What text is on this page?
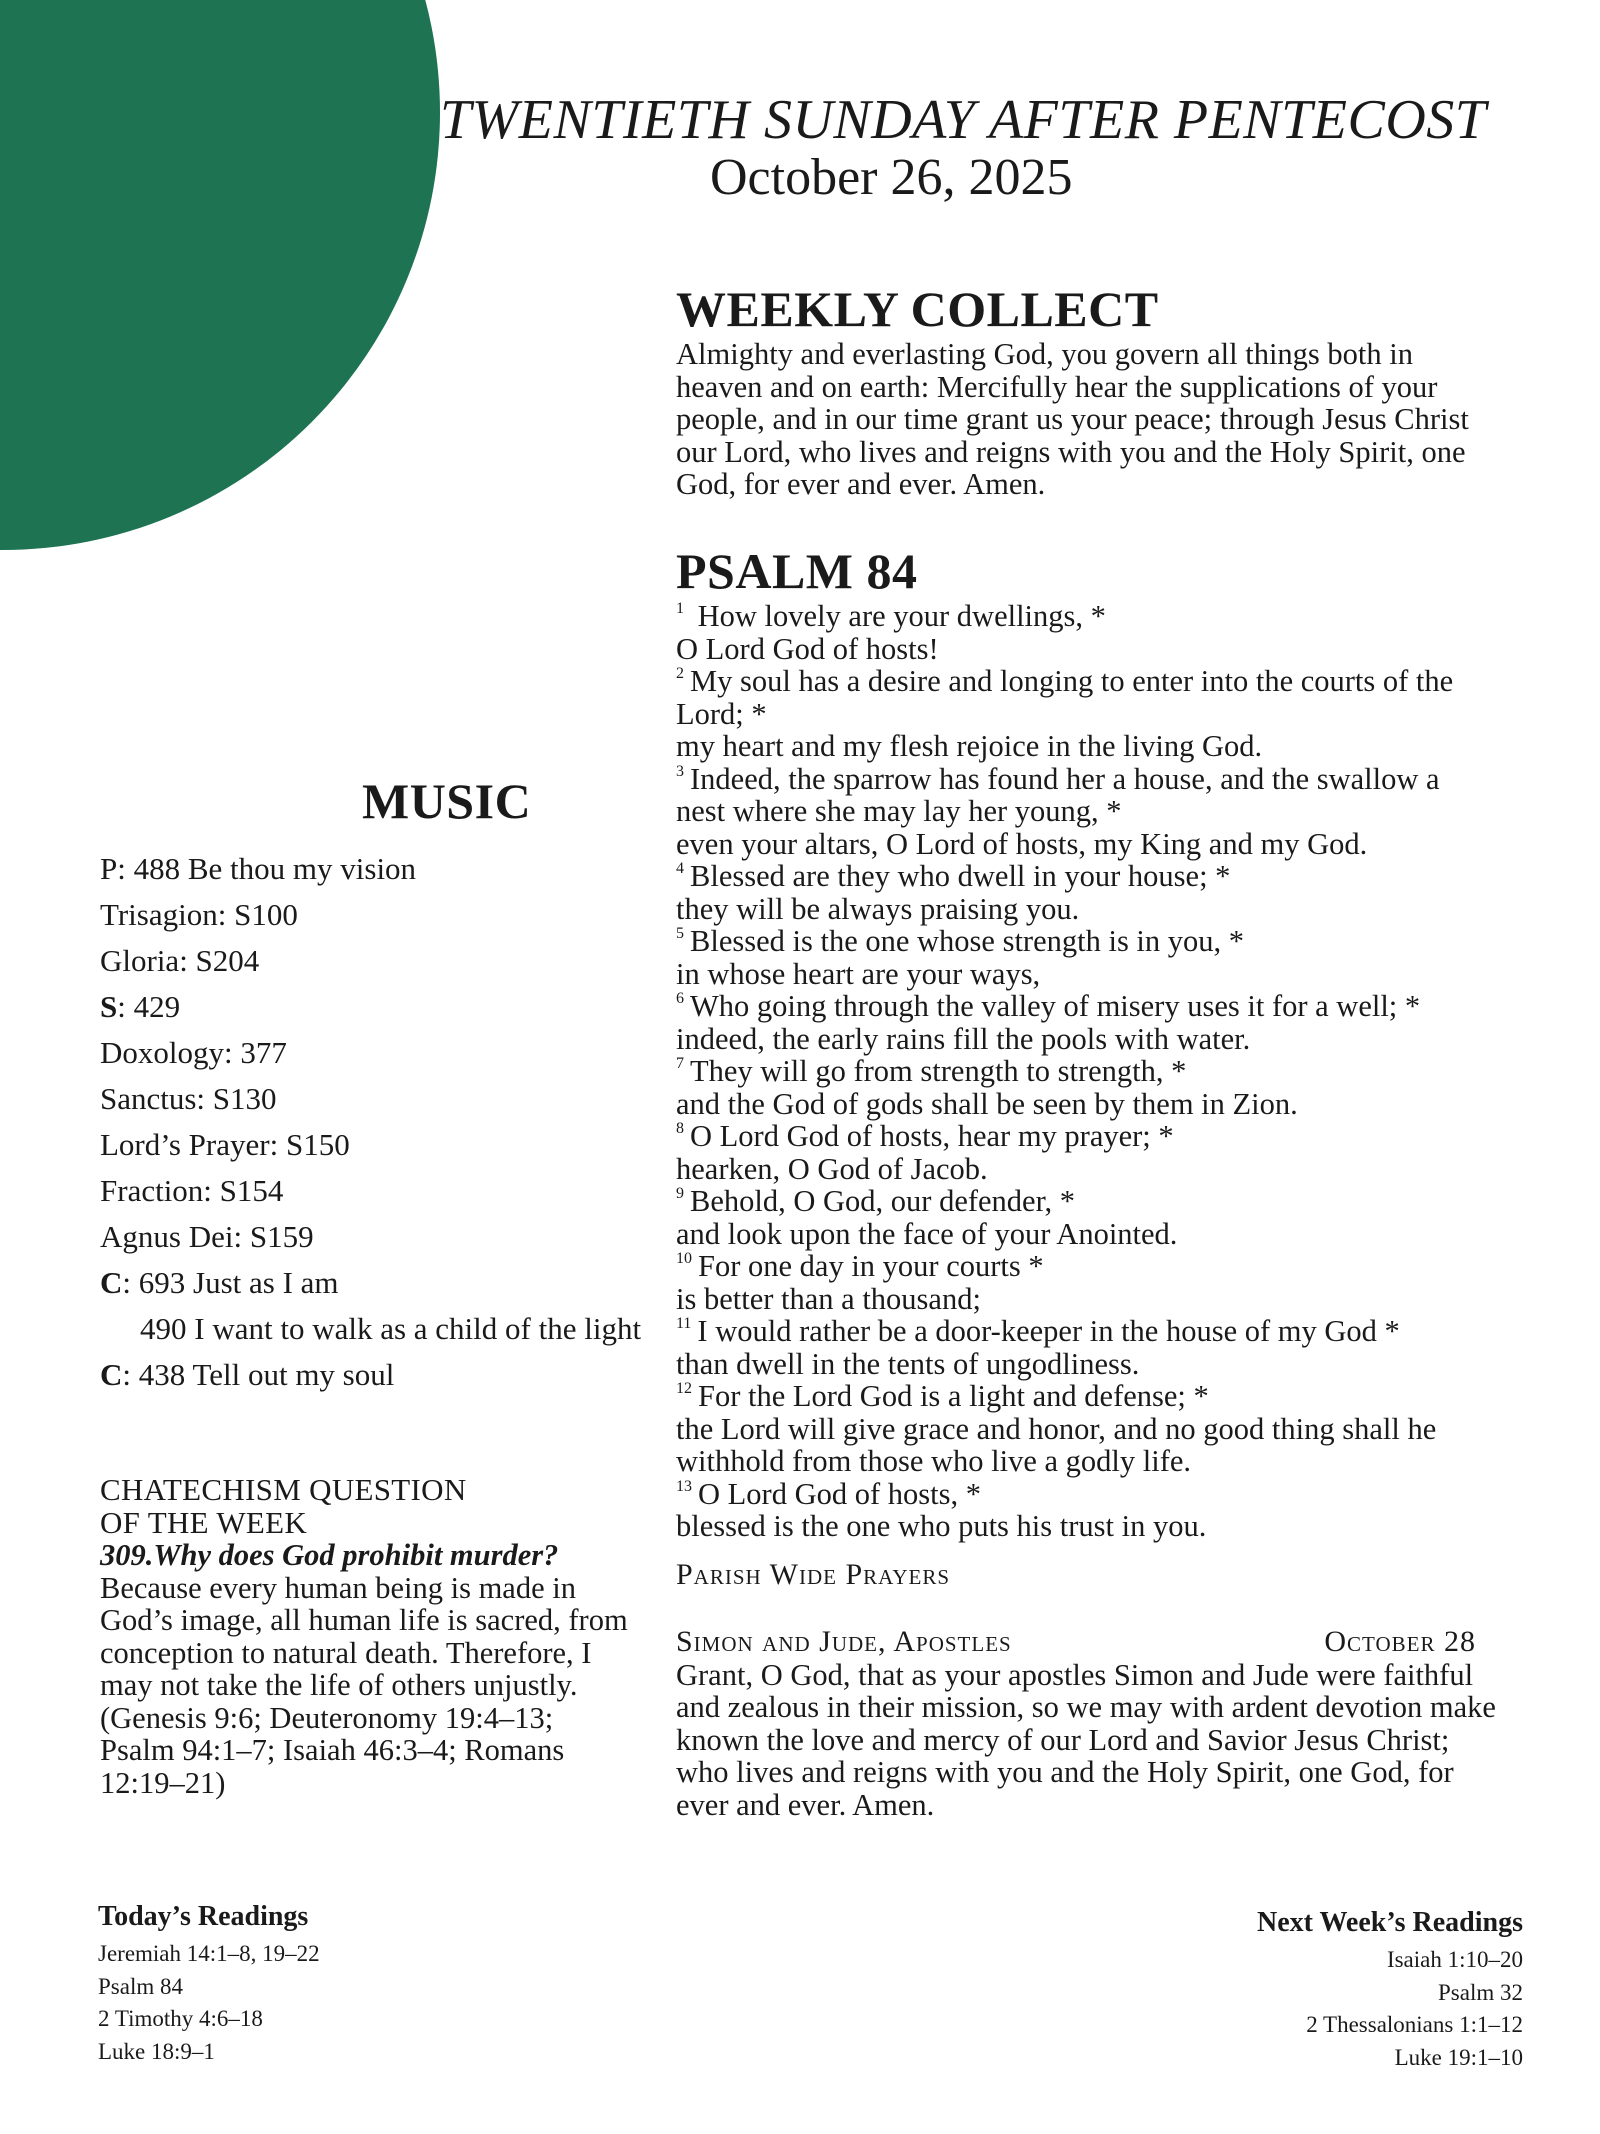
TWENTIETH SUNDAY AFTER PENTECOST
October 26, 2025
WEEKLY COLLECT
Almighty and everlasting God, you govern all things both in
heaven and on earth: Mercifully hear the supplications of your
people, and in our time grant us your peace; through Jesus Christ
our Lord, who lives and reigns with you and the Holy Spirit, one
God, for ever and ever. Amen.
PSALM 84
$^1$ How lovely are your dwellings, *
O Lord God of hosts!
$^2$ My soul has a desire and longing to enter into the courts of the
Lord; *
my heart and my flesh rejoice in the living God.
$^3$ Indeed, the sparrow has found her a house, and the swallow a
nest where she may lay her young, *
even your altars, O Lord of hosts, my King and my God.
$^4$ Blessed are they who dwell in your house; *
they will be always praising you.
$^5$ Blessed is the one whose strength is in you, *
in whose heart are your ways,
$^6$ Who going through the valley of misery uses it for a well; *
indeed, the early rains fill the pools with water.
$^7$ They will go from strength to strength, *
and the God of gods shall be seen by them in Zion.
$^8$ O Lord God of hosts, hear my prayer; *
hearken, O God of Jacob.
$^9$ Behold, O God, our defender, *
and look upon the face of your Anointed.
$^{10}$ For one day in your courts *
is better than a thousand;
$^{11}$ I would rather be a door-keeper in the house of my God *
than dwell in the tents of ungodliness.
$^{12}$ For the Lord God is a light and defense; *
the Lord will give grace and honor, and no good thing shall he
withhold from those who live a godly life.
$^{13}$ O Lord God of hosts, *
blessed is the one who puts his trust in you.
MUSIC
P: 488 Be thou my vision
Trisagion: S100
Gloria: S204
S: 429
Doxology: 377
Sanctus: S130
Lord’s Prayer: S150
Fraction: S154
Agnus Dei: S159
C: 693 Just as I am
490 I want to walk as a child of the light
C: 438 Tell out my soul
CHATECHISM QUESTION
OF THE WEEK
309.Why does God prohibit murder?
Because every human being is made in
God’s image, all human life is sacred, from
conception to natural death. Therefore, I
may not take the life of others unjustly.
(Genesis 9:6; Deuteronomy 19:4–13;
Psalm 94:1–7; Isaiah 46:3–4; Romans
12:19–21)
Parish Wide Prayers
Simon and Jude, Apostles	October 28
Grant, O God, that as your apostles Simon and Jude were faithful
and zealous in their mission, so we may with ardent devotion make
known the love and mercy of our Lord and Savior Jesus Christ;
who lives and reigns with you and the Holy Spirit, one God, for
ever and ever. Amen.
Today’s Readings
Jeremiah 14:1–8, 19–22
Psalm 84
2 Timothy 4:6–18
Luke 18:9–1
Next Week’s Readings
Isaiah 1:10–20
Psalm 32
2 Thessalonians 1:1–12
Luke 19:1–10
